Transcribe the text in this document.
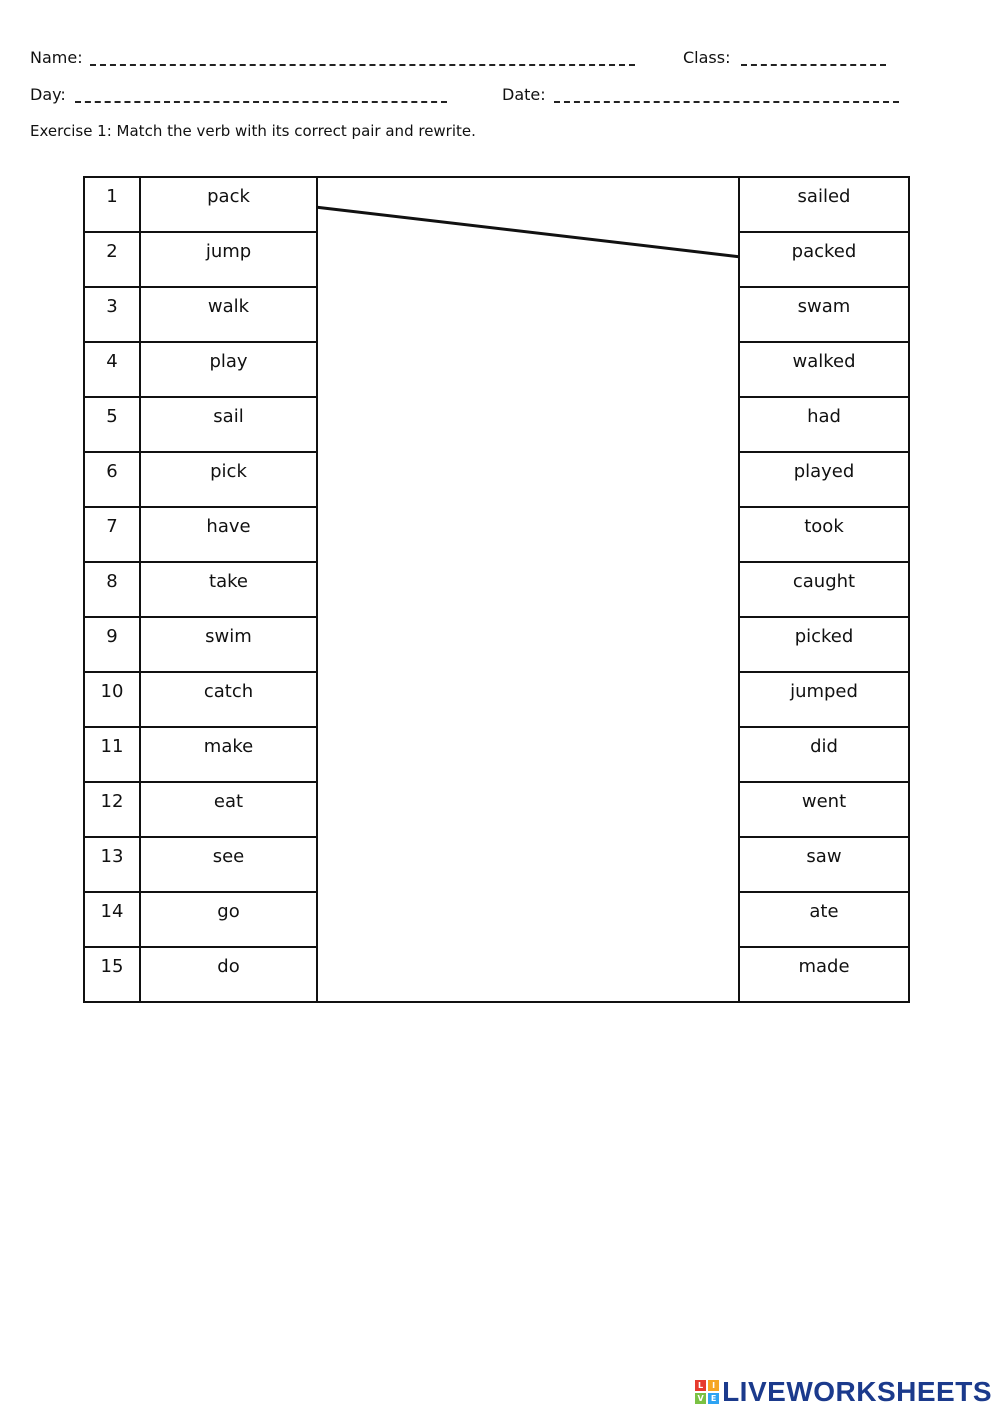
Name:	Class:
Day:	Date:
Exercise 1: Match the verb with its correct pair and rewrite.
1	pack		sailed
2	jump		packed
3	walk		swam
4	play		walked
5	sail		had
6	pick		played
7	have		took
8	take		caught
9	swim		picked
10	catch		jumped
11	make		did
12	eat		went
13	see		saw
14	go		ate
15	do		made
L	I
V E LIVEWORKSHEETS
